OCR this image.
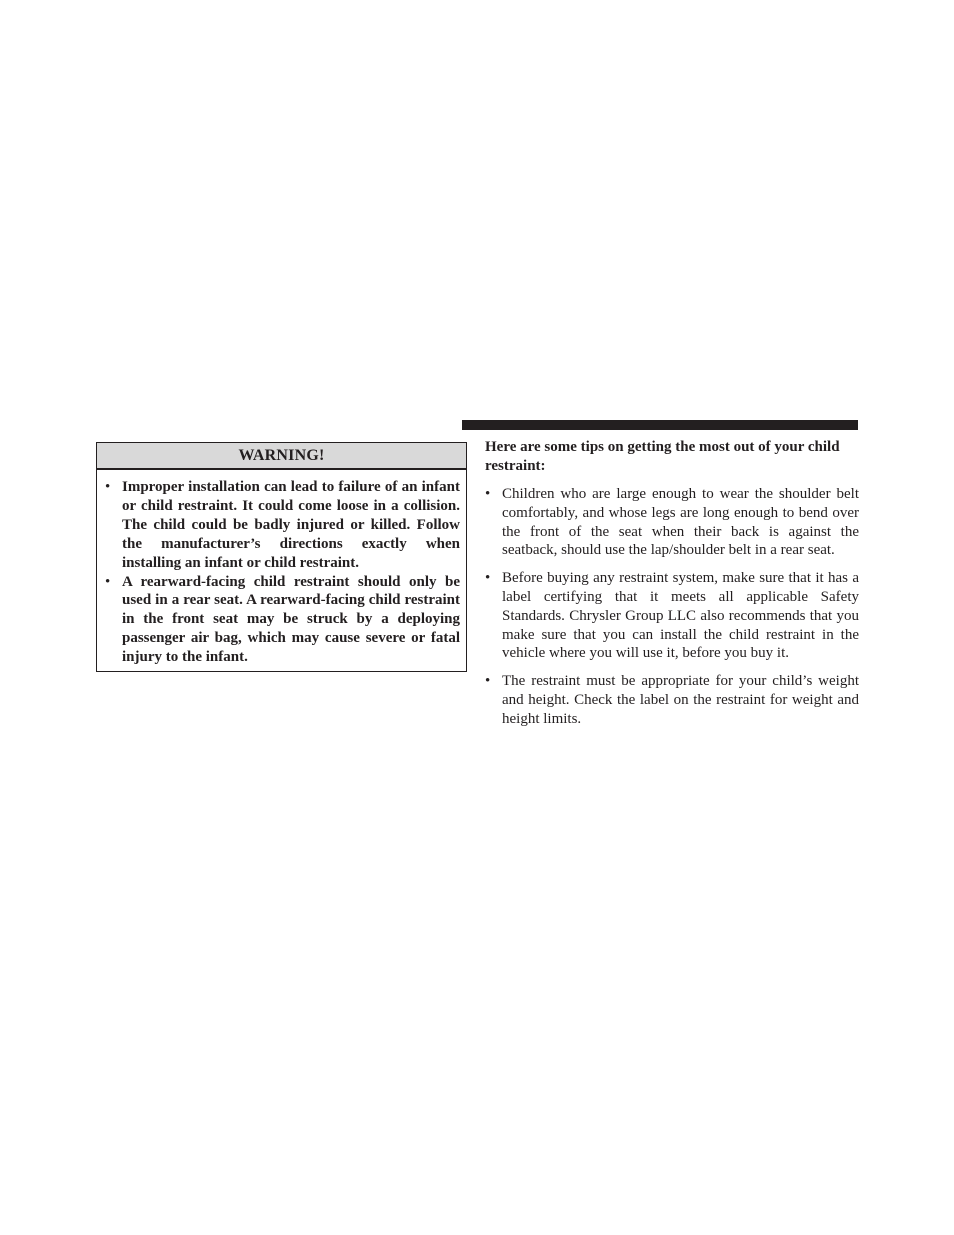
WARNING!
• Improper installation can lead to failure of an infant or child restraint. It could come loose in a collision. The child could be badly injured or killed. Follow the manufacturer’s directions exactly when installing an infant or child restraint.
• A rearward-facing child restraint should only be used in a rear seat. A rearward-facing child restraint in the front seat may be struck by a deploying passenger air bag, which may cause severe or fatal injury to the infant.

Here are some tips on getting the most out of your child restraint:

• Children who are large enough to wear the shoulder belt comfortably, and whose legs are long enough to bend over the front of the seat when their back is against the seatback, should use the lap/shoulder belt in a rear seat.
• Before buying any restraint system, make sure that it has a label certifying that it meets all applicable Safety Standards. Chrysler Group LLC also recommends that you make sure that you can install the child restraint in the vehicle where you will use it, before you buy it.
• The restraint must be appropriate for your child’s weight and height. Check the label on the restraint for weight and height limits.
